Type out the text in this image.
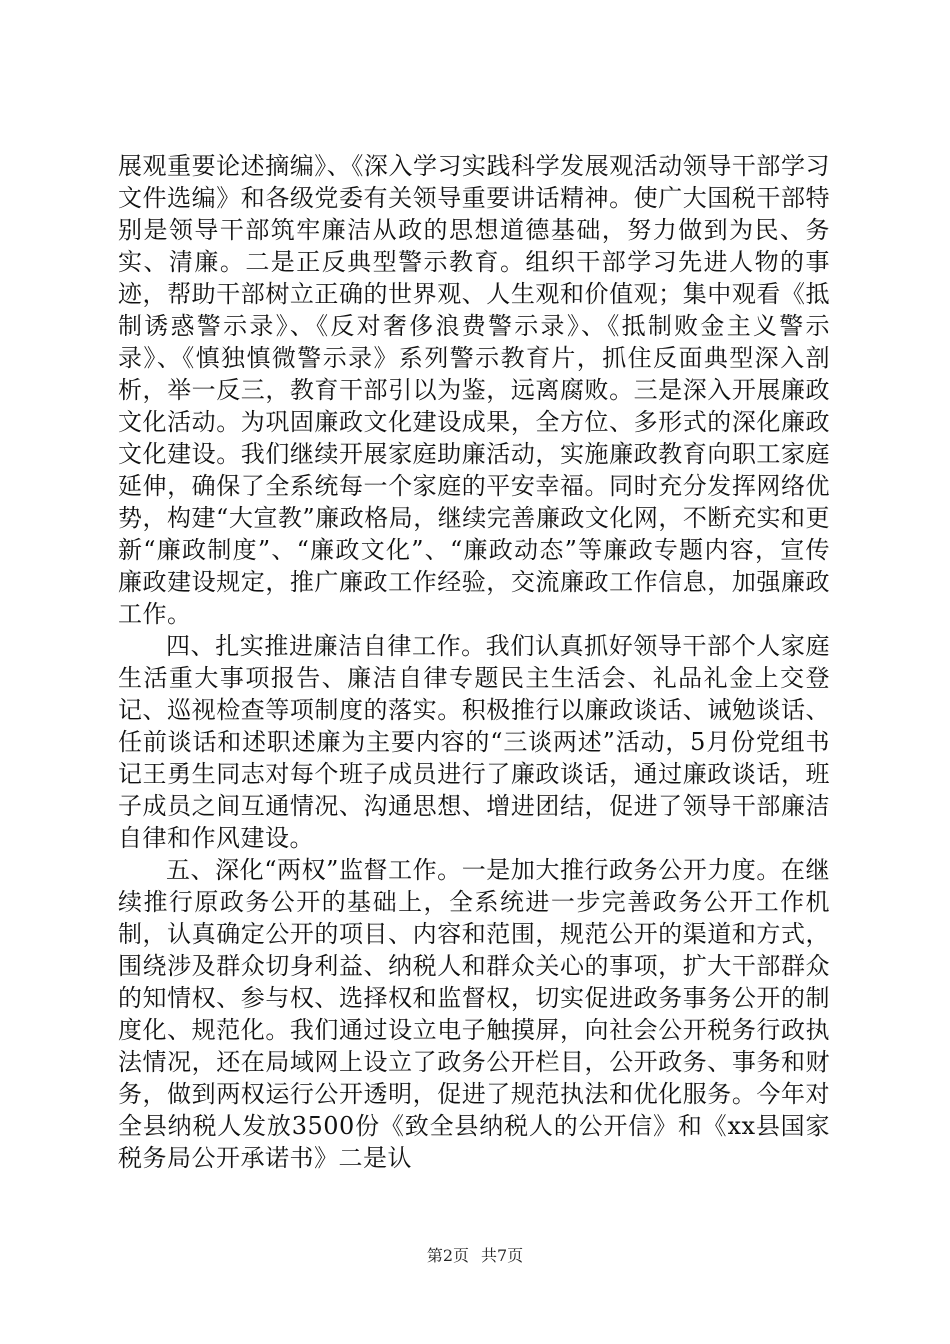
展观重要论述摘编》、《深入学习实践科学发展观活动领导干部学习文件选编》和各级党委有关领导重要讲话精神。使广大国税干部特别是领导干部筑牢廉洁从政的思想道德基础，努力做到为民、务实、清廉。二是正反典型警示教育。组织干部学习先进人物的事迹，帮助干部树立正确的世界观、人生观和价值观；集中观看《抵制诱惑警示录》、《反对奢侈浪费警示录》、《抵制败金主义警示录》、《慎独慎微警示录》系列警示教育片，抓住反面典型深入剖析，举一反三，教育干部引以为鉴，远离腐败。三是深入开展廉政文化活动。为巩固廉政文化建设成果，全方位、多形式的深化廉政文化建设。我们继续开展家庭助廉活动，实施廉政教育向职工家庭延伸，确保了全系统每一个家庭的平安幸福。同时充分发挥网络优势，构建“大宣教”廉政格局，继续完善廉政文化网，不断充实和更新“廉政制度”、“廉政文化”、“廉政动态”等廉政专题内容，宣传廉政建设规定，推广廉政工作经验，交流廉政工作信息，加强廉政工作。

四、扎实推进廉洁自律工作。我们认真抓好领导干部个人家庭生活重大事项报告、廉洁自律专题民主生活会、礼品礼金上交登记、巡视检查等项制度的落实。积极推行以廉政谈话、诫勉谈话、任前谈话和述职述廉为主要内容的“三谈两述”活动，5月份党组书记王勇生同志对每个班子成员进行了廉政谈话，通过廉政谈话，班子成员之间互通情况、沟通思想、增进团结，促进了领导干部廉洁自律和作风建设。

五、深化“两权”监督工作。一是加大推行政务公开力度。在继续推行原政务公开的基础上，全系统进一步完善政务公开工作机制，认真确定公开的项目、内容和范围，规范公开的渠道和方式，围绕涉及群众切身利益、纳税人和群众关心的事项，扩大干部群众的知情权、参与权、选择权和监督权，切实促进政务事务公开的制度化、规范化。我们通过设立电子触摸屏，向社会公开税务行政执法情况，还在局域网上设立了政务公开栏目，公开政务、事务和财务，做到两权运行公开透明，促进了规范执法和优化服务。今年对全县纳税人发放3500份《致全县纳税人的公开信》和《xx县国家税务局公开承诺书》二是认

第2页 共7页
